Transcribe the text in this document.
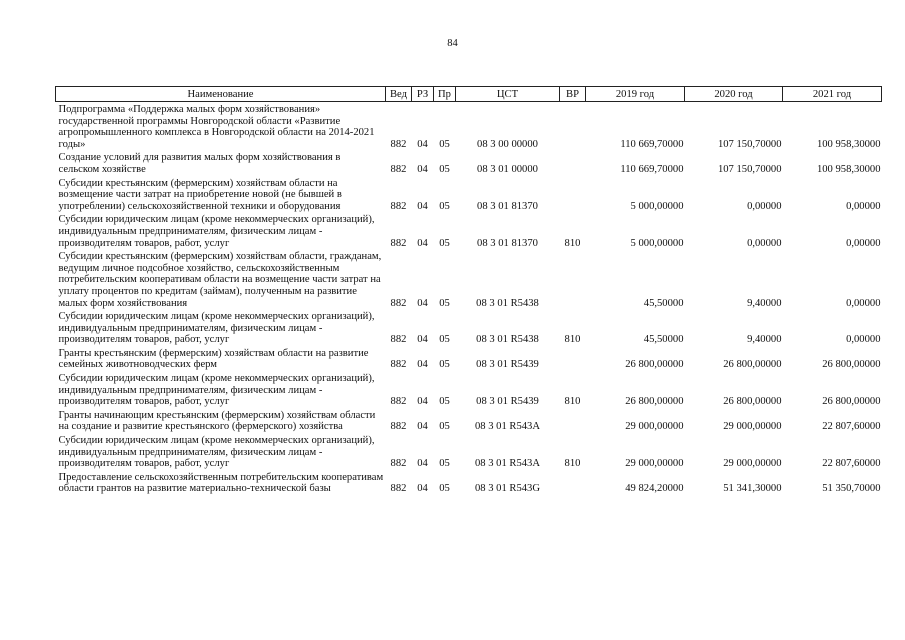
84
Наименование	Вед	РЗ	Пр	ЦСТ	ВР	2019 год	2020 год	2021 год
Подпрограмма «Поддержка малых форм хозяйствования» государственной программы Новгородской области «Развитие агропромышленного комплекса в Новгородской области на 2014-2021 годы»	882	04	05	08 3 00 00000		110 669,70000	107 150,70000	100 958,30000
Создание условий для развития малых форм хозяйствования в сельском хозяйстве	882	04	05	08 3 01 00000		110 669,70000	107 150,70000	100 958,30000
Субсидии крестьянским (фермерским) хозяйствам области на возмещение части затрат на приобретение новой (не бывшей в употреблении) сельскохозяйственной техники и оборудования	882	04	05	08 3 01 81370		5 000,00000	0,00000	0,00000
Субсидии юридическим лицам (кроме некоммерческих организаций), индивидуальным предпринимателям, физическим лицам - производителям товаров, работ, услуг	882	04	05	08 3 01 81370	810	5 000,00000	0,00000	0,00000
Субсидии крестьянским (фермерским) хозяйствам области, гражданам, ведущим личное подсобное хозяйство, сельскохозяйственным потребительским кооперативам области на возмещение части затрат на уплату процентов по кредитам (займам), полученным на развитие малых форм хозяйствования	882	04	05	08 3 01 R5438		45,50000	9,40000	0,00000
Субсидии юридическим лицам (кроме некоммерческих организаций), индивидуальным предпринимателям, физическим лицам - производителям товаров, работ, услуг	882	04	05	08 3 01 R5438	810	45,50000	9,40000	0,00000
Гранты крестьянским (фермерским) хозяйствам области на развитие семейных животноводческих ферм	882	04	05	08 3 01 R5439		26 800,00000	26 800,00000	26 800,00000
Субсидии юридическим лицам (кроме некоммерческих организаций), индивидуальным предпринимателям, физическим лицам - производителям товаров, работ, услуг	882	04	05	08 3 01 R5439	810	26 800,00000	26 800,00000	26 800,00000
Гранты начинающим крестьянским (фермерским) хозяйствам области на создание и развитие крестьянского (фермерского) хозяйства	882	04	05	08 3 01 R543A		29 000,00000	29 000,00000	22 807,60000
Субсидии юридическим лицам (кроме некоммерческих организаций), индивидуальным предпринимателям, физическим лицам - производителям товаров, работ, услуг	882	04	05	08 3 01 R543A	810	29 000,00000	29 000,00000	22 807,60000
Предоставление сельскохозяйственным потребительским кооперативам области грантов на развитие материально-технической базы	882	04	05	08 3 01 R543G		49 824,20000	51 341,30000	51 350,70000
